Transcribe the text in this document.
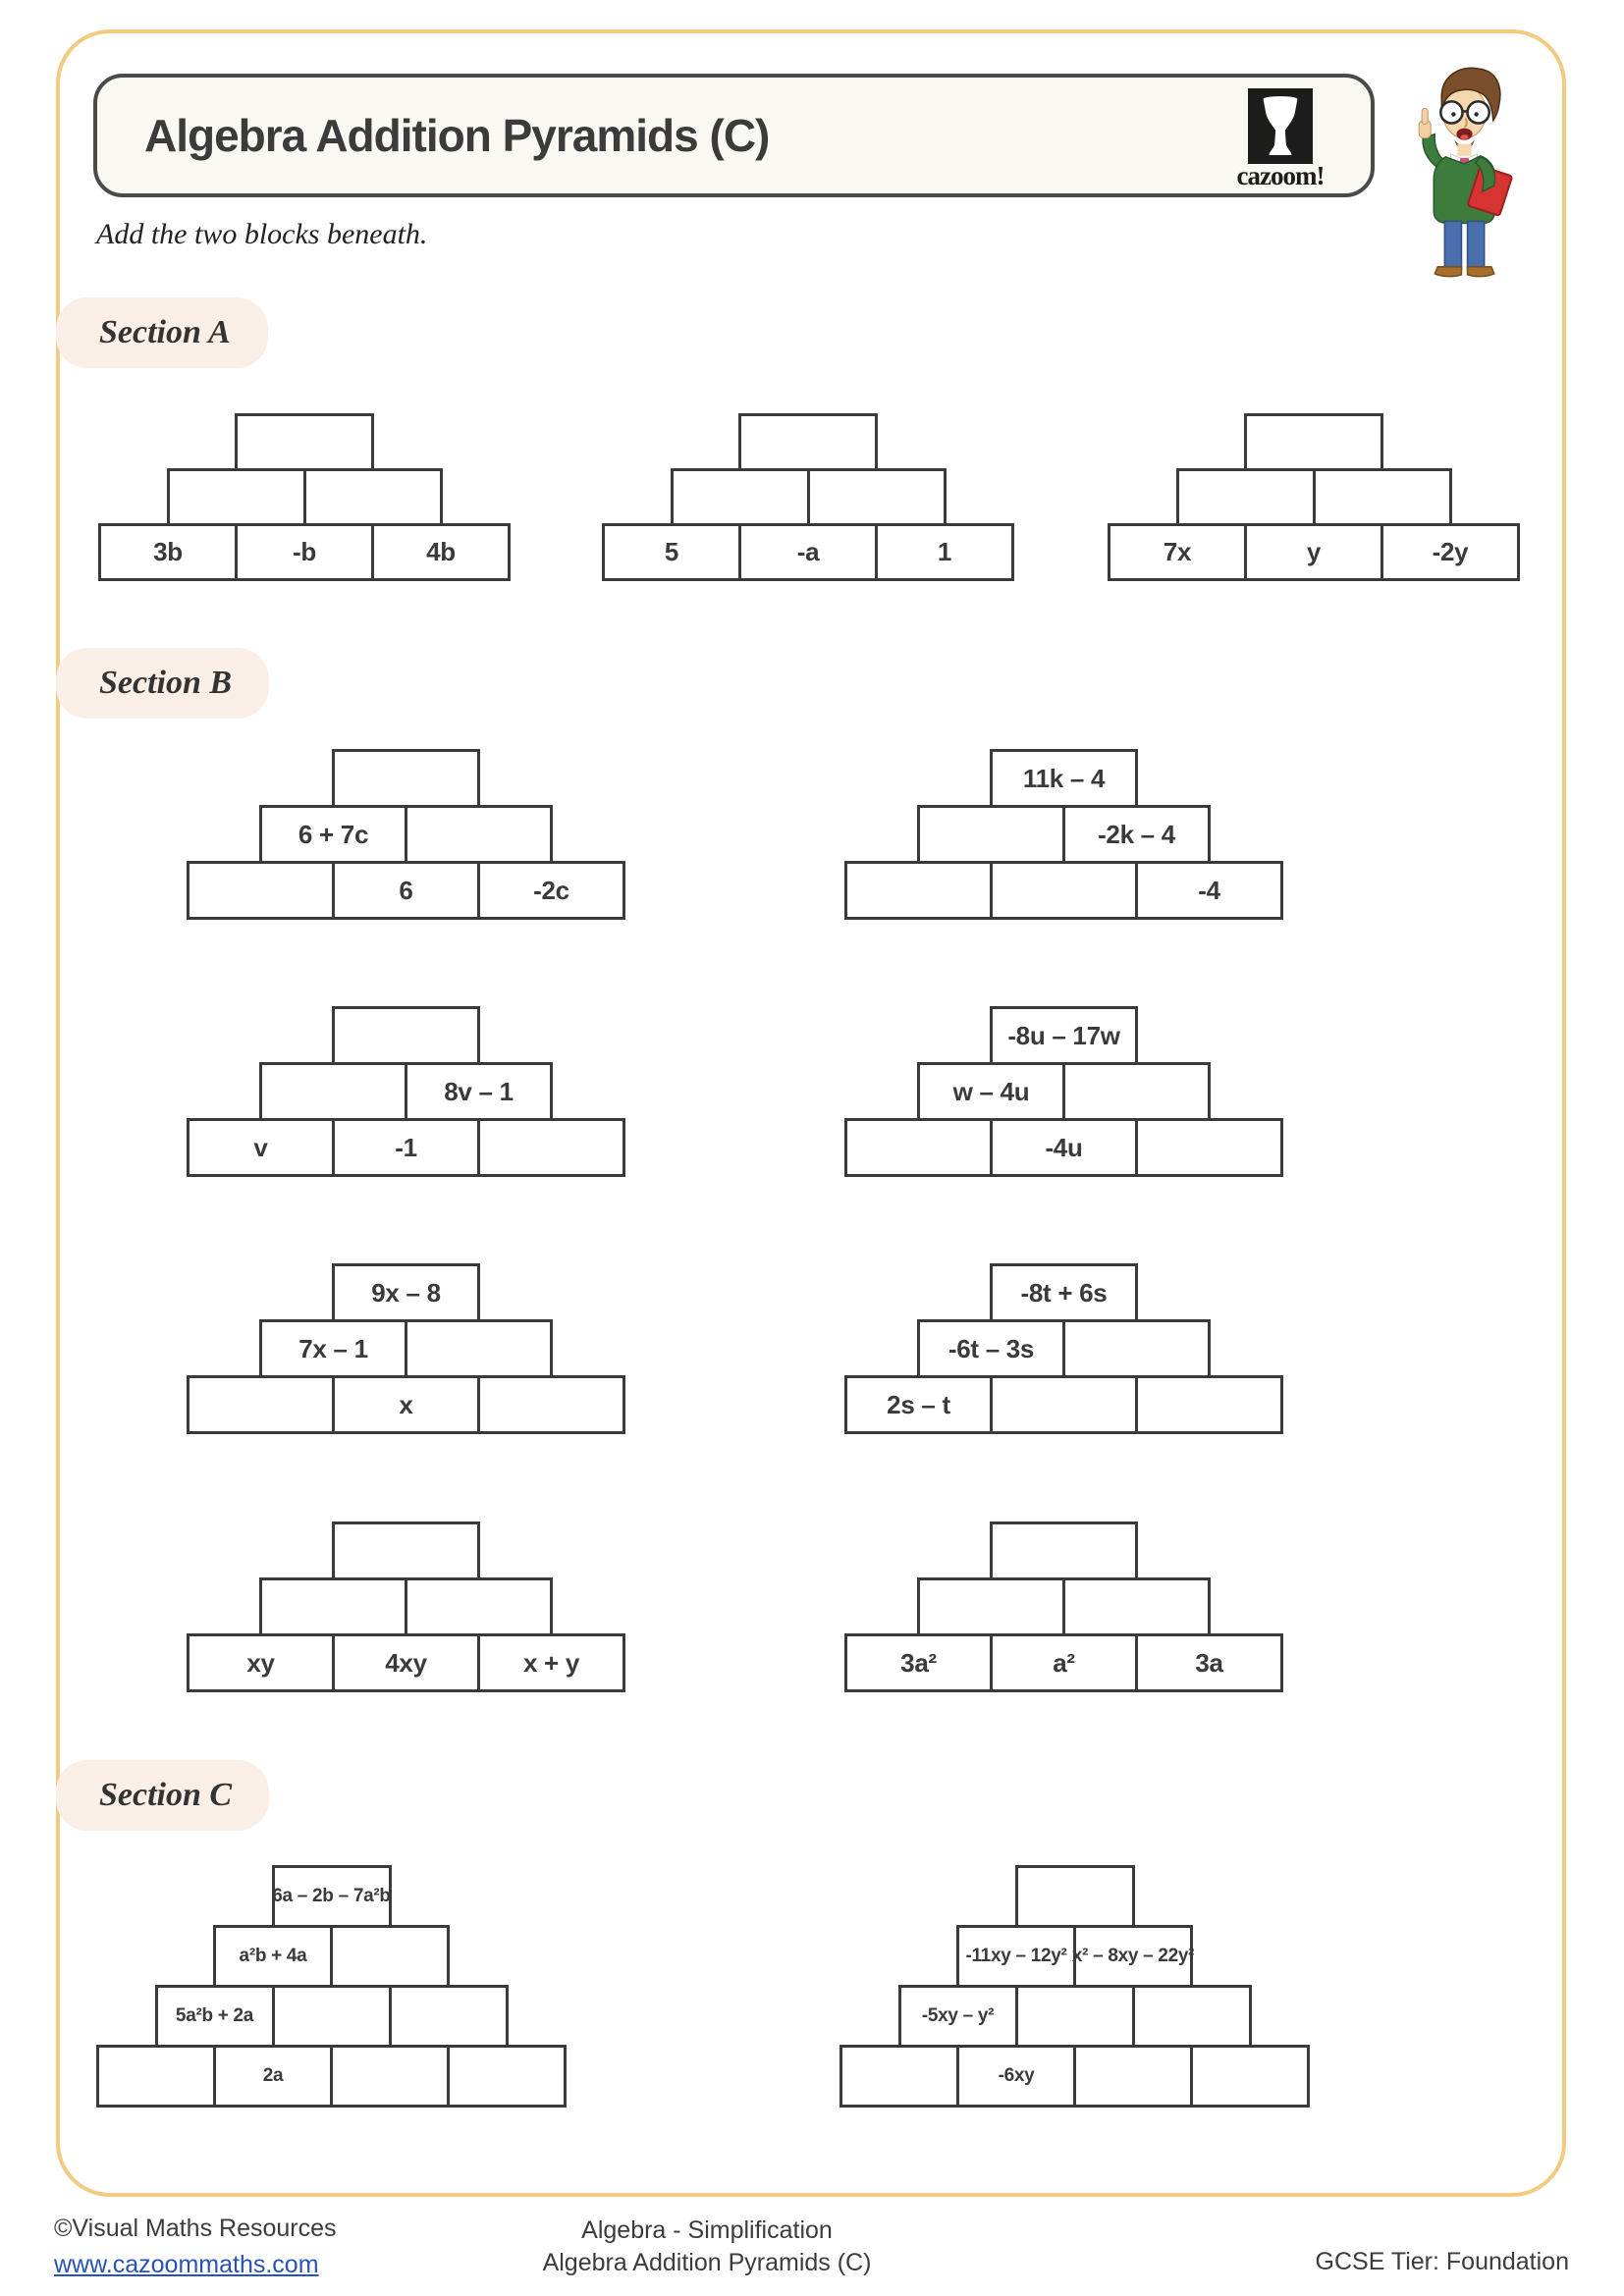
Algebra Addition Pyramids (C)
cazoom!

Add the two blocks beneath.

Section A
3b	-b	4b	5	-a	1	7x	y	-2y
Section B
6 + 7c
6	-2c
11k – 4
-2k – 4
-4
8v – 1
v	-1
-8u – 17w
w – 4u
-4u
9x – 8
7x – 1
x
-8t + 6s
-6t – 3s
2s – t
xy	4xy	x + y	3a²	a²	3a
Section C
6a – 2b – 7a²b
a²b + 4a
5a²b + 2a
2a
-11xy – 12y² x² – 8xy – 22y²
-5xy – y²
-6xy
©Visual Maths Resources
www.cazoommaths.com
Algebra - Simplification
Algebra Addition Pyramids (C)	GCSE Tier: Foundation
